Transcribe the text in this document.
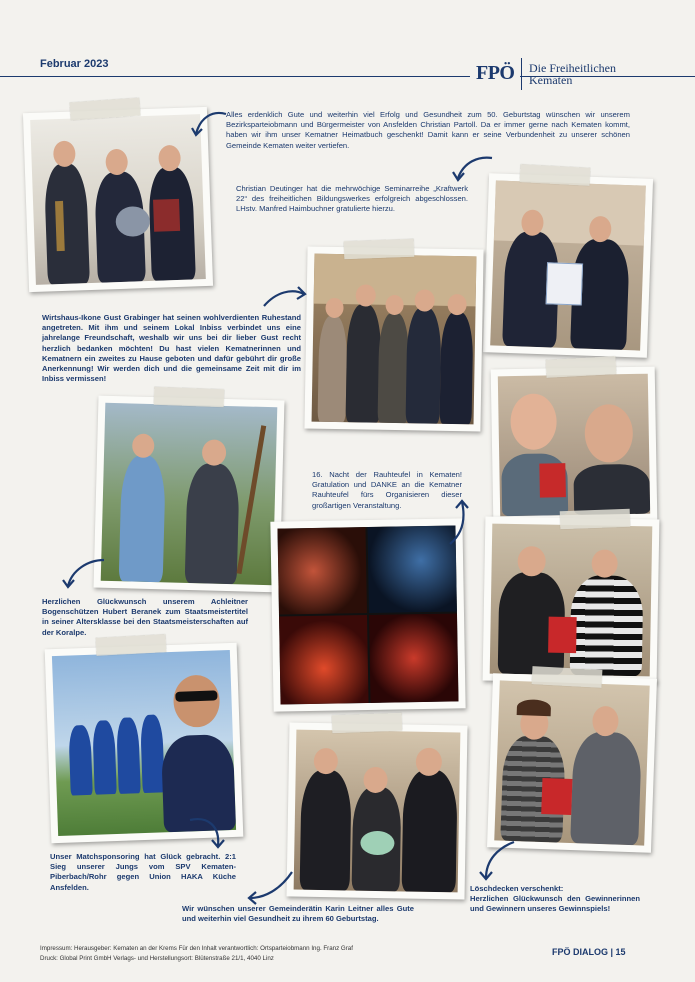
Februar 2023	FPÖ Die Freiheitlichen
Kematen
Alles erdenklich Gute und weiterhin viel Erfolg und Gesundheit zum 50. Geburtstag wünschen wir unserem Bezirksparteiobmann und Bürgermeister von Ansfelden Christian Partoll. Da er immer gerne nach Kematen kommt, haben wir ihm unser Kematner Heimatbuch geschenkt! Damit kann er seine Verbundenheit zu unserer schönen Gemeinde Kematen weiter vertiefen.
Christian Deutinger hat die mehrwöchige Seminarreihe „Kraftwerk 22“ des freiheitlichen Bildungswerkes erfolgreich abgeschlossen. LHstv. Manfred Haimbuchner gratulierte hierzu.
Wirtshaus-Ikone Gust Grabinger hat seinen wohlverdienten Ruhestand angetreten. Mit ihm und seinem Lokal Inbiss verbindet uns eine jahrelange Freundschaft, weshalb wir uns bei dir lieber Gust recht herzlich bedanken möchten! Du hast vielen Kematnerinnen und Kematnern ein zweites zu Hause geboten und dafür gebührt dir große Anerkennung! Wir werden dich und die gemeinsame Zeit mit dir im Inbiss vermissen!
16. Nacht der Rauhteufel in Kematen! Gratulation und DANKE an die Kematner Rauhteufel fürs Organisieren dieser großartigen Veranstaltung.
Herzlichen Glückwunsch unserem Achleitner Bogenschützen Hubert Beranek zum Staatsmeistertitel in seiner Altersklasse bei den Staatsmeisterschaften auf der Koralpe.
Unser Matchsponsoring hat Glück gebracht. 2:1 Sieg unserer Jungs vom SPV Kematen-Piberbach/Rohr gegen Union HAKA Küche Ansfelden.
Wir wünschen unserer Gemeinderätin Karin Leitner alles Gute und weiterhin viel Gesundheit zu ihrem 60 Geburtstag.
Löschdecken verschenkt:
Herzlichen Glückwunsch den Gewinnerinnen und Gewinnern unseres Gewinnspiels!
Impressum: Herausgeber: Kematen an der Krems Für den Inhalt verantwortlich: Ortsparteiobmann Ing. Franz Graf
Druck: Global Print GmbH Verlags- und Herstellungsort: Blütenstraße 21/1, 4040 Linz
FPÖ DIALOG | 15
